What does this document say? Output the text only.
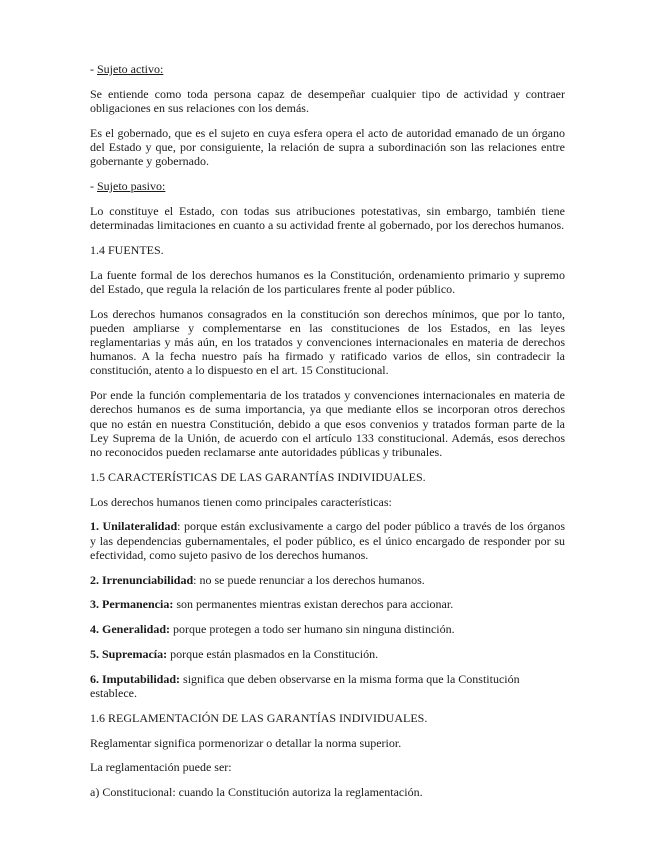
- Sujeto activo:

Se entiende como toda persona capaz de desempeñar cualquier tipo de actividad y contraer obligaciones en sus relaciones con los demás.

Es el gobernado, que es el sujeto en cuya esfera opera el acto de autoridad emanado de un órgano del Estado y que, por consiguiente, la relación de supra a subordinación son las relaciones entre gobernante y gobernado.

- Sujeto pasivo:

Lo constituye el Estado, con todas sus atribuciones potestativas, sin embargo, también tiene determinadas limitaciones en cuanto a su actividad frente al gobernado, por los derechos humanos.

1.4 FUENTES.

La fuente formal de los derechos humanos es la Constitución, ordenamiento primario y supremo del Estado, que regula la relación de los particulares frente al poder público.

Los derechos humanos consagrados en la constitución son derechos mínimos, que por lo tanto, pueden ampliarse y complementarse en las constituciones de los Estados, en las leyes reglamentarias y más aún, en los tratados y convenciones internacionales en materia de derechos humanos. A la fecha nuestro país ha firmado y ratificado varios de ellos, sin contradecir la constitución, atento a lo dispuesto en el art. 15 Constitucional.

Por ende la función complementaria de los tratados y convenciones internacionales en materia de derechos humanos es de suma importancia, ya que mediante ellos se incorporan otros derechos que no están en nuestra Constitución, debido a que esos convenios y tratados forman parte de la Ley Suprema de la Unión, de acuerdo con el artículo 133 constitucional. Además, esos derechos no reconocidos pueden reclamarse ante autoridades públicas y tribunales.

1.5 CARACTERÍSTICAS DE LAS GARANTÍAS INDIVIDUALES.

Los derechos humanos tienen como principales características:

1. Unilateralidad: porque están exclusivamente a cargo del poder público a través de los órganos y las dependencias gubernamentales, el poder público, es el único encargado de responder por su efectividad, como sujeto pasivo de los derechos humanos.

2. Irrenunciabilidad: no se puede renunciar a los derechos humanos.

3. Permanencia: son permanentes mientras existan derechos para accionar.

4. Generalidad: porque protegen a todo ser humano sin ninguna distinción.

5. Supremacía: porque están plasmados en la Constitución.

6. Imputabilidad: significa que deben observarse en la misma forma que la Constitución establece.

1.6 REGLAMENTACIÓN DE LAS GARANTÍAS INDIVIDUALES.

Reglamentar significa pormenorizar o detallar la norma superior.

La reglamentación puede ser:

a) Constitucional: cuando la Constitución autoriza la reglamentación.
